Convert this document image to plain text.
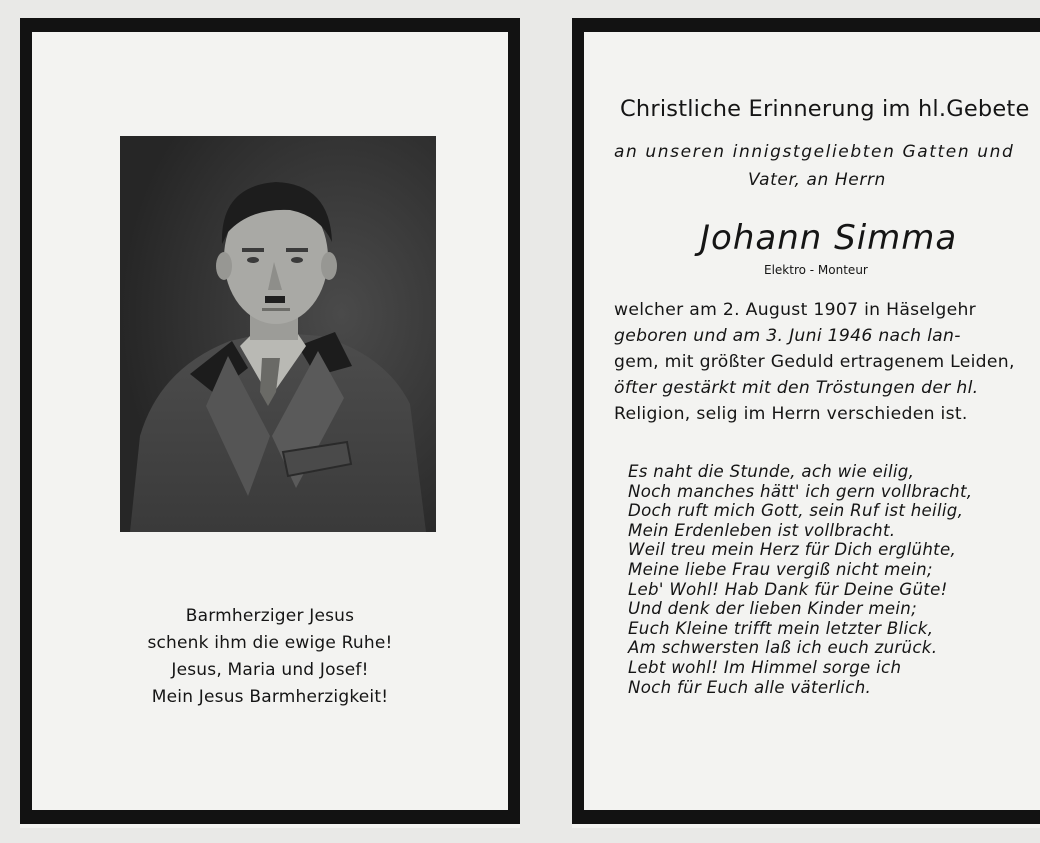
Barmherziger Jesus
schenk ihm die ewige Ruhe!
Jesus, Maria und Josef!
Mein Jesus Barmherzigkeit!
Christliche Erinnerung im hl.Gebete
an unseren innigstgeliebten Gatten und
Vater, an Herrn
Johann Simma
Elektro - Monteur
welcher am 2. August 1907 in Häselgehr
geboren und am 3. Juni 1946 nach lan-
gem, mit größter Geduld ertragenem Leiden,
öfter gestärkt mit den Tröstungen der hl.
Religion, selig im Herrn verschieden ist.
Es naht die Stunde, ach wie eilig,
Noch manches hätt' ich gern vollbracht,
Doch ruft mich Gott, sein Ruf ist heilig,
Mein Erdenleben ist vollbracht.
Weil treu mein Herz für Dich erglühte,
Meine liebe Frau vergiß nicht mein;
Leb' Wohl! Hab Dank für Deine Güte!
Und denk der lieben Kinder mein;
Euch Kleine trifft mein letzter Blick,
Am schwersten laß ich euch zurück.
Lebt wohl! Im Himmel sorge ich
Noch für Euch alle väterlich.
